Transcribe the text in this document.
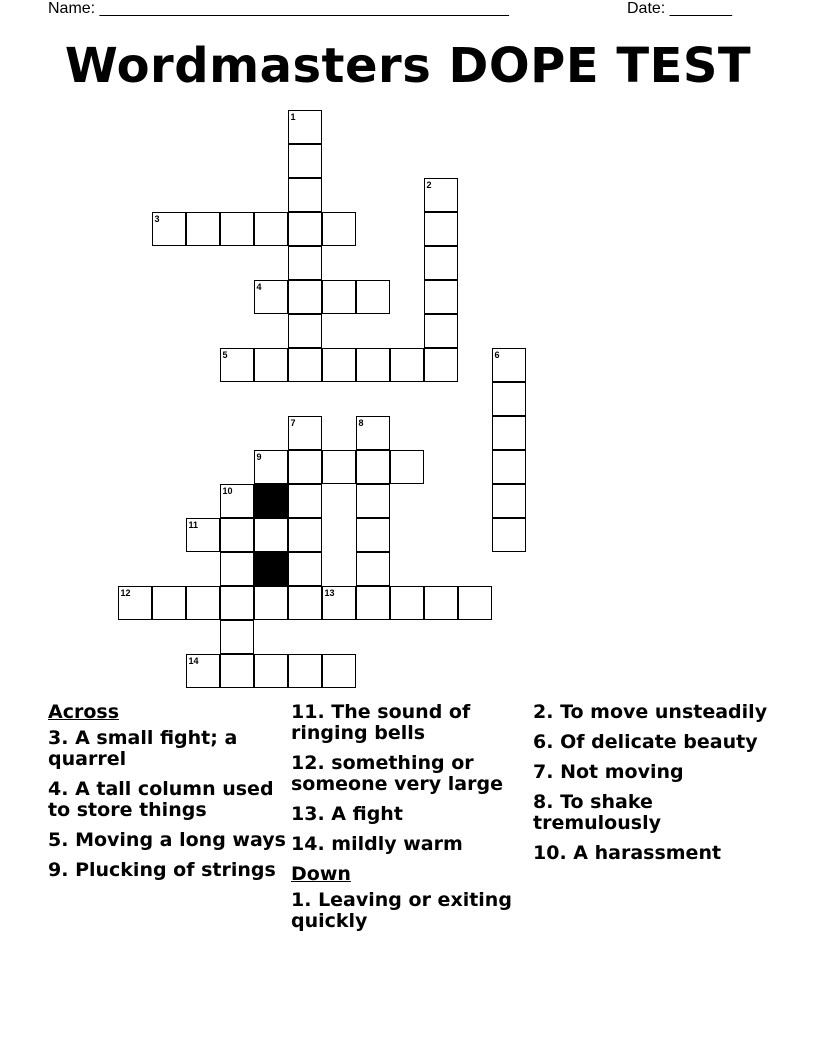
Name: ______________________________________________	Date: _______
Wordmasters DOPE TEST
1
2
3
4
5	6
7	8
9
10
11
12	13
14
Across
3. A small fight; a quarrel
4. A tall column used to store things
5. Moving a long ways
9. Plucking of strings
11. The sound of ringing bells
12. something or someone very large
13. A fight
14. mildly warm
Down
1. Leaving or exiting quickly
2. To move unsteadily
6. Of delicate beauty
7. Not moving
8. To shake tremulously
10. A harassment
